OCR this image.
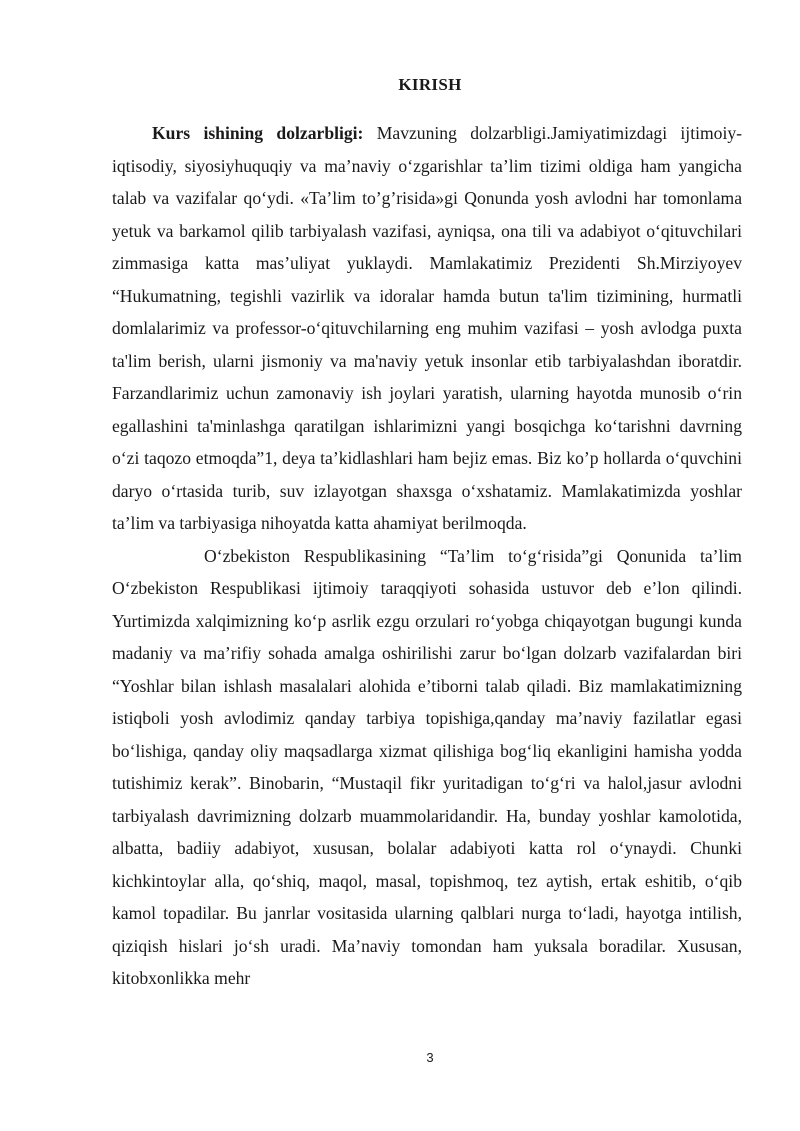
KIRISH

Kurs ishining dolzarbligi: Mavzuning dolzarbligi.Jamiyatimizdagi ijtimoiy-iqtisodiy, siyosiyhuquqiy va ma’naviy o‘zgarishlar ta’lim tizimi oldiga ham yangicha talab va vazifalar qo‘ydi. «Ta’lim to’g’risida»gi Qonunda yosh avlodni har tomonlama yetuk va barkamol qilib tarbiyalash vazifasi, ayniqsa, ona tili va adabiyot o‘qituvchilari zimmasiga katta mas’uliyat yuklaydi. Mamlakatimiz Prezidenti Sh.Mirziyoyev “Hukumatning, tegishli vazirlik va idoralar hamda butun ta'lim tizimining, hurmatli domlalarimiz va professor-o‘qituvchilarning eng muhim vazifasi – yosh avlodga puxta ta'lim berish, ularni jismoniy va ma'naviy yetuk insonlar etib tarbiyalashdan iboratdir. Farzandlarimiz uchun zamonaviy ish joylari yaratish, ularning hayotda munosib o‘rin egallashini ta'minlashga qaratilgan ishlarimizni yangi bosqichga ko‘tarishni davrning o‘zi taqozo etmoqda”1, deya ta’kidlashlari ham bejiz emas. Biz ko’p hollarda o‘quvchini daryo o‘rtasida turib, suv izlayotgan shaxsga o‘xshatamiz. Mamlakatimizda yoshlar ta’lim va tarbiyasiga nihoyatda katta ahamiyat berilmoqda.

O‘zbekiston Respublikasining “Ta’lim to‘g‘risida”gi Qonunida ta’lim O‘zbekiston Respublikasi ijtimoiy taraqqiyoti sohasida ustuvor deb e’lon qilindi. Yurtimizda xalqimizning ko‘p asrlik ezgu orzulari ro‘yobga chiqayotgan bugungi kunda madaniy va ma’rifiy sohada amalga oshirilishi zarur bo‘lgan dolzarb vazifalardan biri “Yoshlar bilan ishlash masalalari alohida e’tiborni talab qiladi. Biz mamlakatimizning istiqboli yosh avlodimiz qanday tarbiya topishiga,qanday ma’naviy fazilatlar egasi bo‘lishiga, qanday oliy maqsadlarga xizmat qilishiga bog‘liq ekanligini hamisha yodda tutishimiz kerak”. Binobarin, “Mustaqil fikr yuritadigan to‘g‘ri va halol,jasur avlodni tarbiyalash davrimizning dolzarb muammolaridandir. Ha, bunday yoshlar kamolotida, albatta, badiiy adabiyot, xususan, bolalar adabiyoti katta rol o‘ynaydi. Chunki kichkintoylar alla, qo‘shiq, maqol, masal, topishmoq, tez aytish, ertak eshitib, o‘qib kamol topadilar. Bu janrlar vositasida ularning qalblari nurga to‘ladi, hayotga intilish, qiziqish hislari jo‘sh uradi. Ma’naviy tomondan ham yuksala boradilar. Xususan, kitobxonlikka mehr

3
